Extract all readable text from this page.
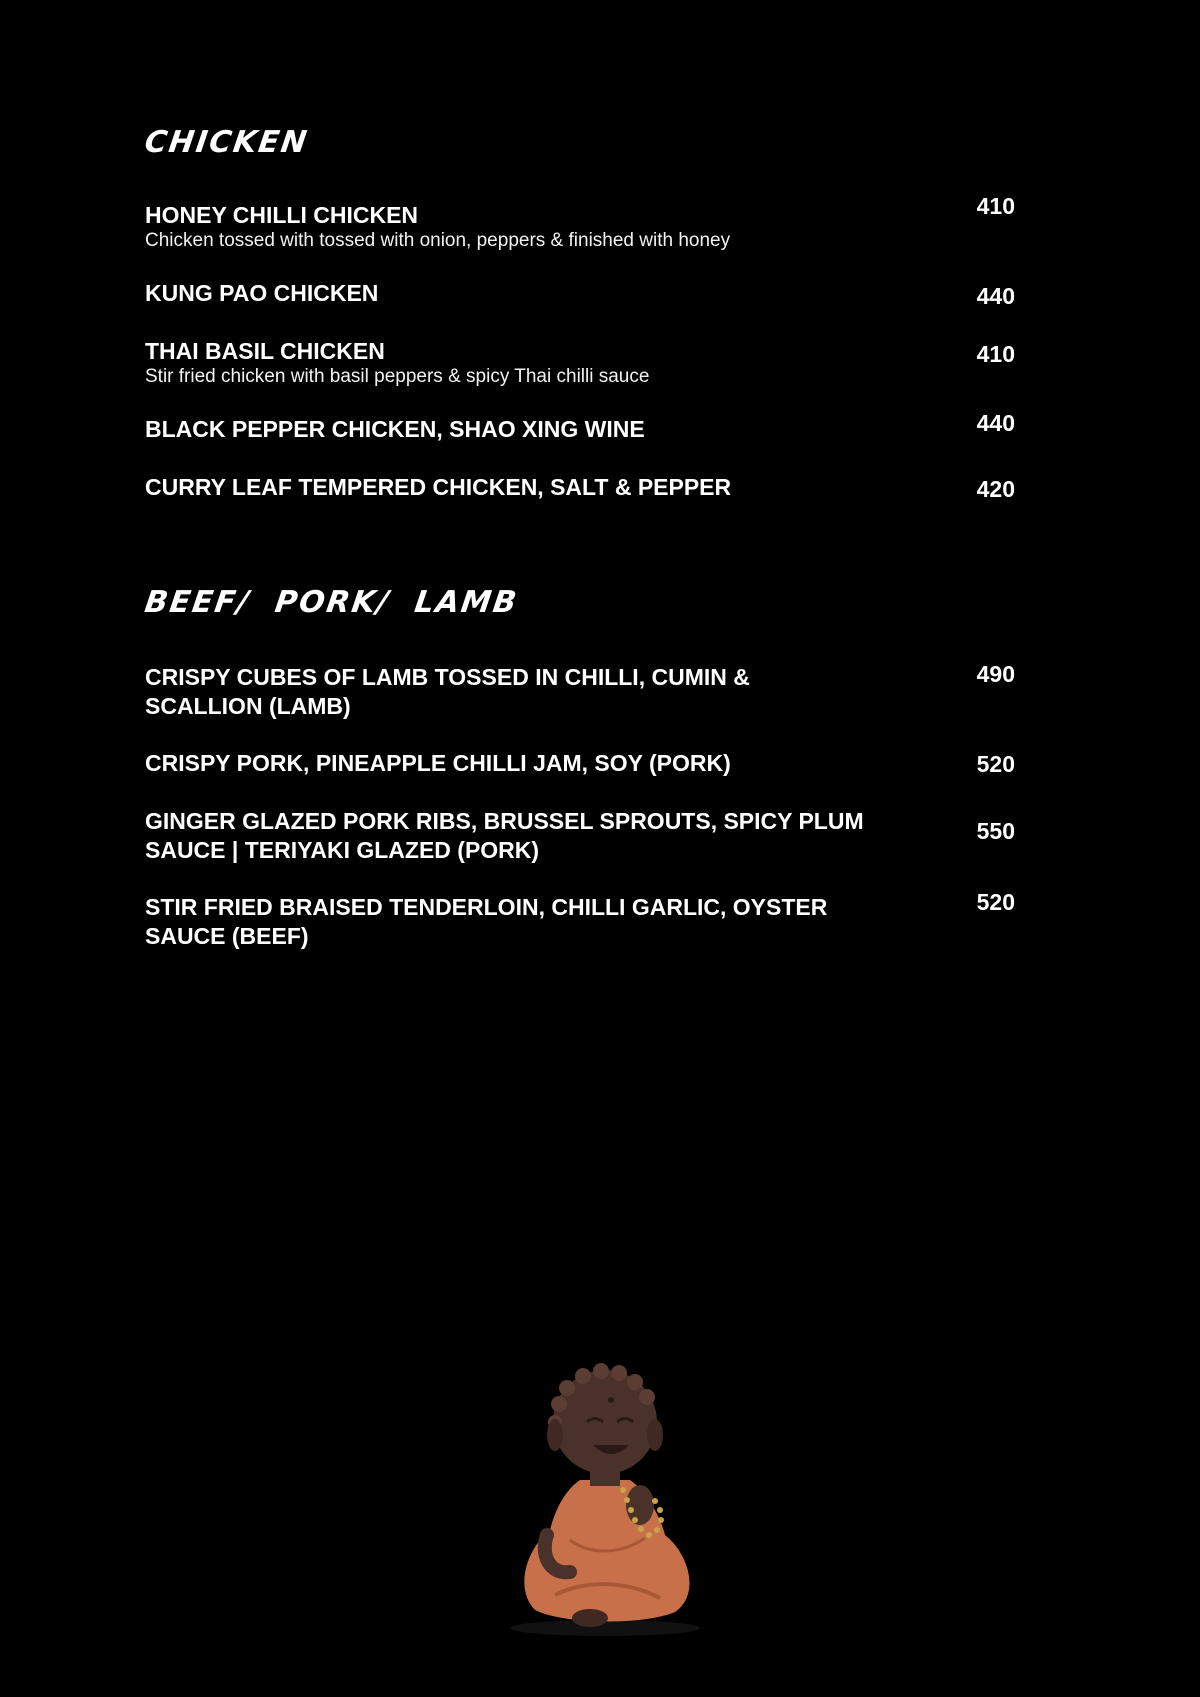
CHICKEN
HONEY CHILLI CHICKEN
Chicken tossed with tossed with onion, peppers & finished with honey
410
KUNG PAO CHICKEN	440
THAI BASIL CHICKEN
Stir fried chicken with basil peppers & spicy Thai chilli sauce
410
BLACK PEPPER CHICKEN, SHAO XING WINE	440
CURRY LEAF TEMPERED CHICKEN, SALT & PEPPER	420
BEEF/  PORK/  LAMB
CRISPY CUBES OF LAMB TOSSED IN CHILLI, CUMIN & SCALLION (LAMB)
490
CRISPY PORK, PINEAPPLE CHILLI JAM, SOY (PORK)	520
GINGER GLAZED PORK RIBS, BRUSSEL SPROUTS, SPICY PLUM SAUCE | TERIYAKI GLAZED (PORK)
550
STIR FRIED BRAISED TENDERLOIN, CHILLI GARLIC, OYSTER SAUCE (BEEF)
520
